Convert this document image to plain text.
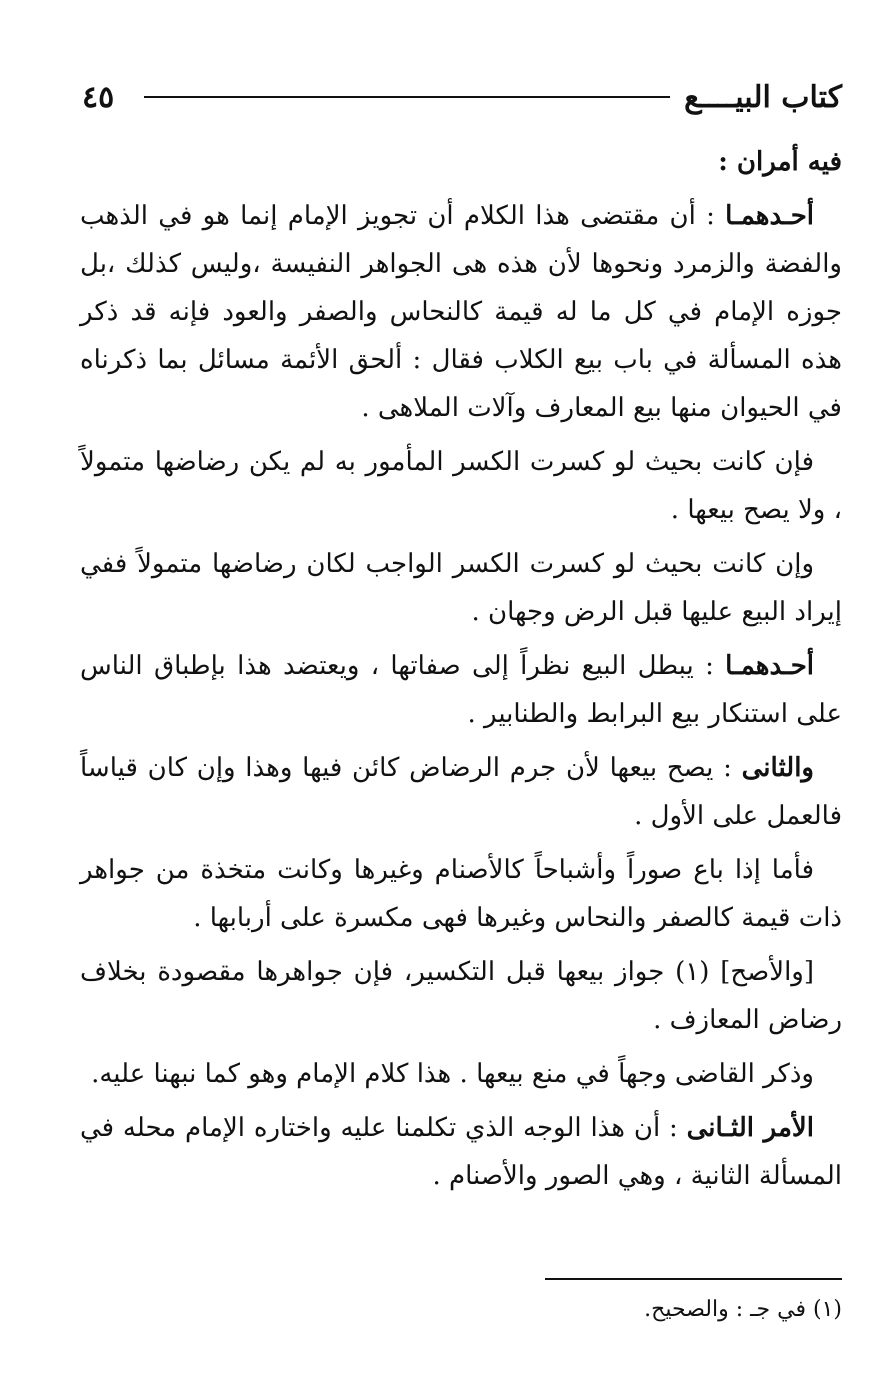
كتاب البيــــع
٤٥

فيه أمران :

أحـدهمـا : أن مقتضى هذا الكلام أن تجويز الإمام إنما هو في الذهب والفضة والزمرد ونحوها لأن هذه هى الجواهر النفيسة ،وليس كذلك ،بل جوزه الإمام في كل ما له قيمة كالنحاس والصفر والعود فإنه قد ذكر هذه المسألة في باب بيع الكلاب فقال : ألحق الأئمة مسائل بما ذكرناه في الحيوان منها بيع المعارف وآلات الملاهى .

فإن كانت بحيث لو كسرت الكسر المأمور به لم يكن رضاضها متمولاً ، ولا يصح بيعها .

وإن كانت بحيث لو كسرت الكسر الواجب لكان رضاضها متمولاً ففي إيراد البيع عليها قبل الرض وجهان .

أحـدهمـا : يبطل البيع نظراً إلى صفاتها ، ويعتضد هذا بإطباق الناس على استنكار بيع البرابط والطنابير .

والثانى : يصح بيعها لأن جرم الرضاض كائن فيها وهذا وإن كان قياساً فالعمل على الأول .

فأما إذا باع صوراً وأشباحاً كالأصنام وغيرها وكانت متخذة من جواهر ذات قيمة كالصفر والنحاس وغيرها فهى مكسرة على أربابها .

[والأصح] (١) جواز بيعها قبل التكسير، فإن جواهرها مقصودة بخلاف رضاض المعازف .

وذكر القاضى وجهاً في منع بيعها . هذا كلام الإمام وهو كما نبهنا عليه.

الأمر الثـانى : أن هذا الوجه الذي تكلمنا عليه واختاره الإمام محله في المسألة الثانية ، وهي الصور والأصنام .

(١) في جـ : والصحيح.
